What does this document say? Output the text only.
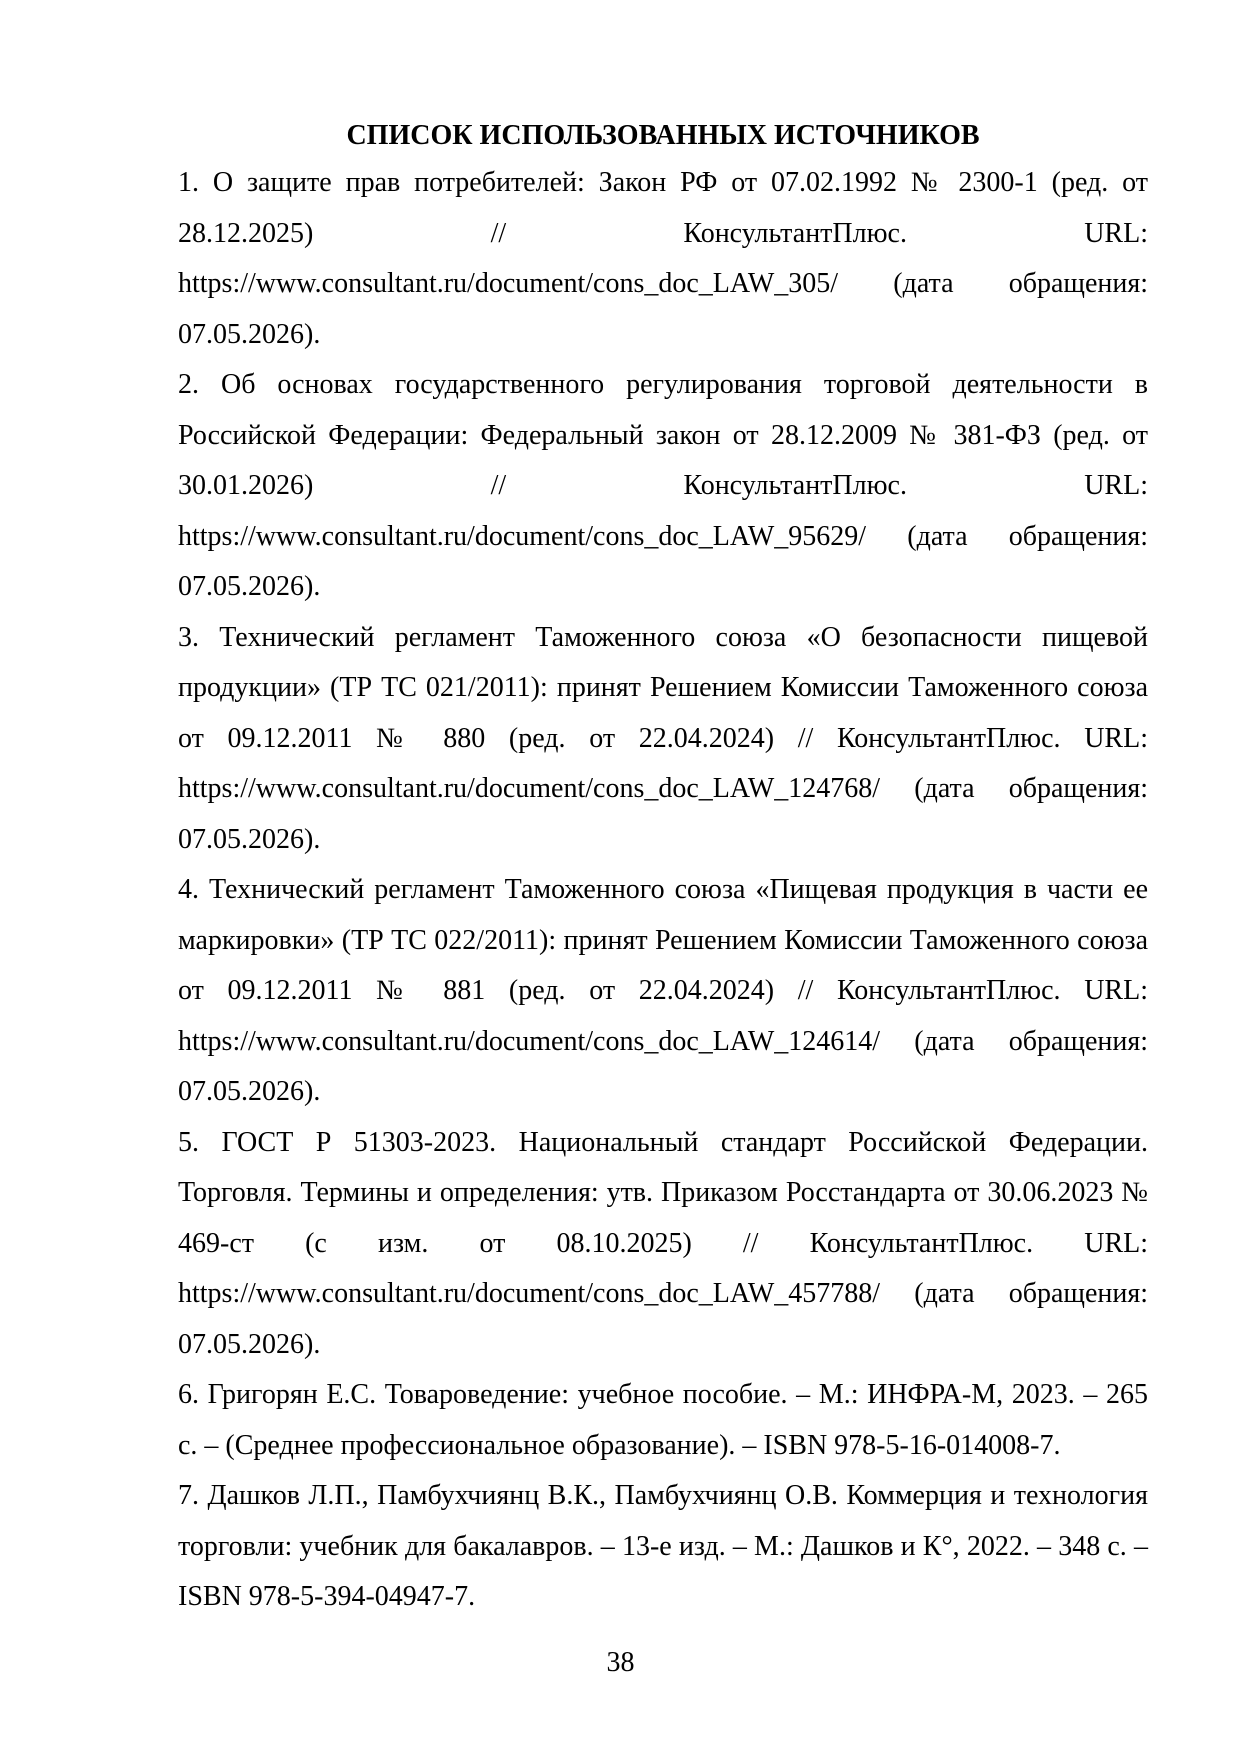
СПИСОК ИСПОЛЬЗОВАННЫХ ИСТОЧНИКОВ
1. О защите прав потребителей: Закон РФ от 07.02.1992 № 2300-1 (ред. от 28.12.2025) // КонсультантПлюс. URL: https://www.consultant.ru/document/cons_doc_LAW_305/ (дата обращения: 07.05.2026).
2. Об основах государственного регулирования торговой деятельности в Российской Федерации: Федеральный закон от 28.12.2009 № 381-ФЗ (ред. от 30.01.2026) // КонсультантПлюс. URL: https://www.consultant.ru/document/cons_doc_LAW_95629/ (дата обращения: 07.05.2026).
3. Технический регламент Таможенного союза «О безопасности пищевой продукции» (ТР ТС 021/2011): принят Решением Комиссии Таможенного союза от 09.12.2011 № 880 (ред. от 22.04.2024) // КонсультантПлюс. URL: https://www.consultant.ru/document/cons_doc_LAW_124768/ (дата обращения: 07.05.2026).
4. Технический регламент Таможенного союза «Пищевая продукция в части ее маркировки» (ТР ТС 022/2011): принят Решением Комиссии Таможенного союза от 09.12.2011 № 881 (ред. от 22.04.2024) // КонсультантПлюс. URL: https://www.consultant.ru/document/cons_doc_LAW_124614/ (дата обращения: 07.05.2026).
5. ГОСТ Р 51303-2023. Национальный стандарт Российской Федерации. Торговля. Термины и определения: утв. Приказом Росстандарта от 30.06.2023 № 469-ст (с изм. от 08.10.2025) // КонсультантПлюс. URL: https://www.consultant.ru/document/cons_doc_LAW_457788/ (дата обращения: 07.05.2026).
6. Григорян Е.С. Товароведение: учебное пособие. – М.: ИНФРА-М, 2023. – 265 с. – (Среднее профессиональное образование). – ISBN 978-5-16-014008-7.
7. Дашков Л.П., Памбухчиянц В.К., Памбухчиянц О.В. Коммерция и технология торговли: учебник для бакалавров. – 13-е изд. – М.: Дашков и К°, 2022. – 348 с. – ISBN 978-5-394-04947-7.
38
